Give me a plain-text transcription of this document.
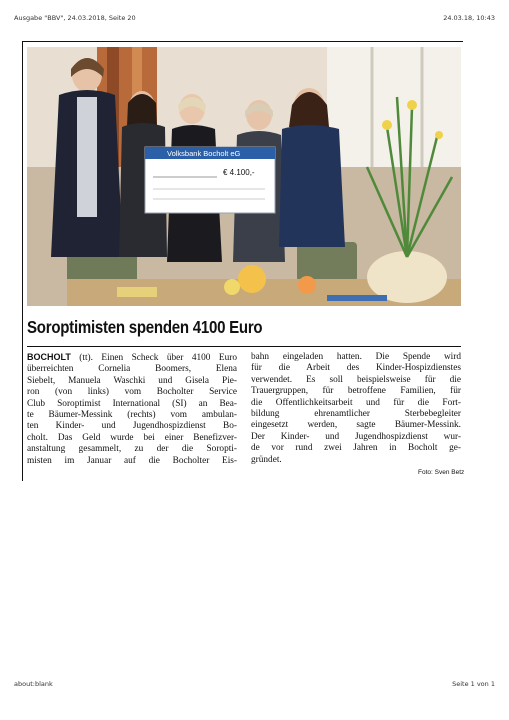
Ausgabe "BBV", 24.03.2018, Seite 20	24.03.18, 10:43
Volksbank Bocholt eG
€ 4.100,-
Soroptimisten spenden 4100 Euro
BOCHOLT (tt). Einen Scheck über 4100 Euro
überreichten Cornelia Boomers, Elena
Siebelt, Manuela Waschki und Gisela Pie-
ron (von links) vom Bocholter Service
Club Soroptimist International (SI) an Bea-
te Bäumer-Messink (rechts) vom ambulan-
ten Kinder- und Jugendhospizdienst Bo-
cholt. Das Geld wurde bei einer Benefizver-
anstaltung gesammelt, zu der die Soropti-
misten im Januar auf die Bocholter Eis-
bahn eingeladen hatten. Die Spende wird
für die Arbeit des Kinder-Hospizdienstes
verwendet. Es soll beispielsweise für die
Trauergruppen, für betroffene Familien, für
die Öffentlichkeitsarbeit und für die Fort-
bildung ehrenamtlicher Sterbebegleiter
eingesetzt werden, sagte Bäumer-Messink.
Der Kinder- und Jugendhospizdienst wur-
de vor rund zwei Jahren in Bocholt ge-
gründet.
Foto: Sven Betz
about:blank	Seite 1 von 1
